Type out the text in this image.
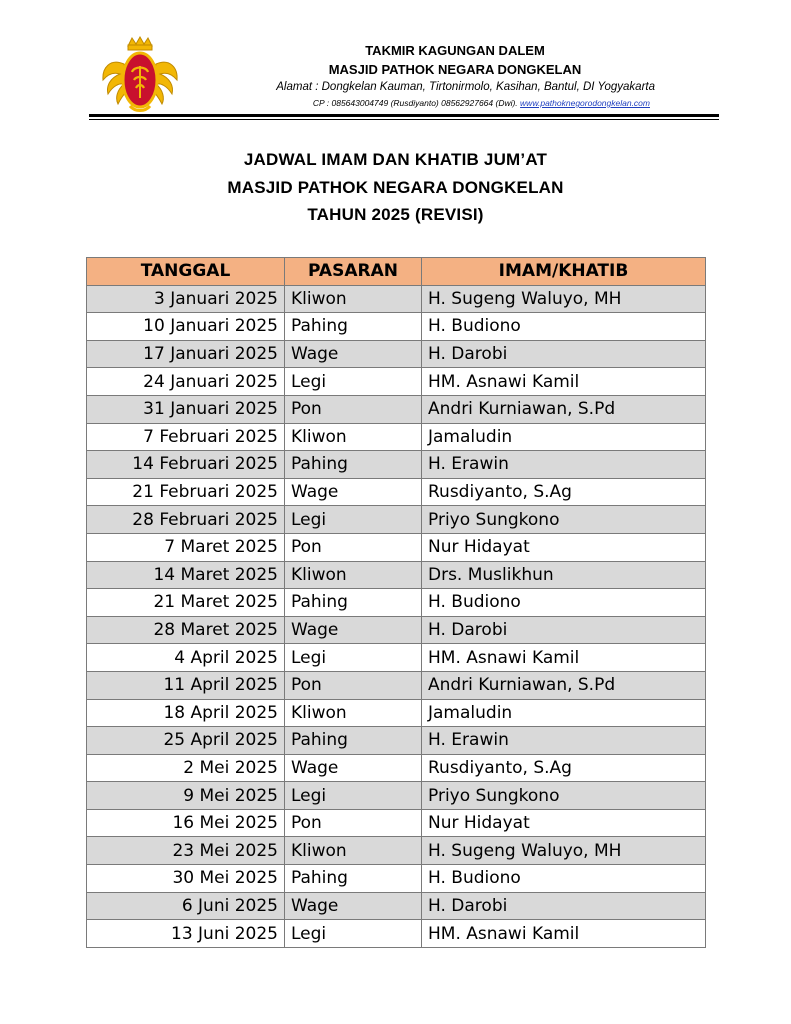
TAKMIR KAGUNGAN DALEM
MASJID PATHOK NEGARA DONGKELAN
Alamat : Dongkelan Kauman, Tirtonirmolo, Kasihan, Bantul, DI Yogyakarta
CP : 085643004749 (Rusdiyanto) 08562927664 (Dwi). www.pathoknegorodongkelan.com
JADWAL IMAM DAN KHATIB JUM’AT
MASJID PATHOK NEGARA DONGKELAN
TAHUN 2025 (REVISI)
TANGGAL	PASARAN	IMAM/KHATIB
3 Januari 2025	Kliwon	H. Sugeng Waluyo, MH
10 Januari 2025	Pahing	H. Budiono
17 Januari 2025	Wage	H. Darobi
24 Januari 2025	Legi	HM. Asnawi Kamil
31 Januari 2025	Pon	Andri Kurniawan, S.Pd
7 Februari 2025	Kliwon	Jamaludin
14 Februari 2025	Pahing	H. Erawin
21 Februari 2025	Wage	Rusdiyanto, S.Ag
28 Februari 2025	Legi	Priyo Sungkono
7 Maret 2025	Pon	Nur Hidayat
14 Maret 2025	Kliwon	Drs. Muslikhun
21 Maret 2025	Pahing	H. Budiono
28 Maret 2025	Wage	H. Darobi
4 April 2025	Legi	HM. Asnawi Kamil
11 April 2025	Pon	Andri Kurniawan, S.Pd
18 April 2025	Kliwon	Jamaludin
25 April 2025	Pahing	H. Erawin
2 Mei 2025	Wage	Rusdiyanto, S.Ag
9 Mei 2025	Legi	Priyo Sungkono
16 Mei 2025	Pon	Nur Hidayat
23 Mei 2025	Kliwon	H. Sugeng Waluyo, MH
30 Mei 2025	Pahing	H. Budiono
6 Juni 2025	Wage	H. Darobi
13 Juni 2025	Legi	HM. Asnawi Kamil
